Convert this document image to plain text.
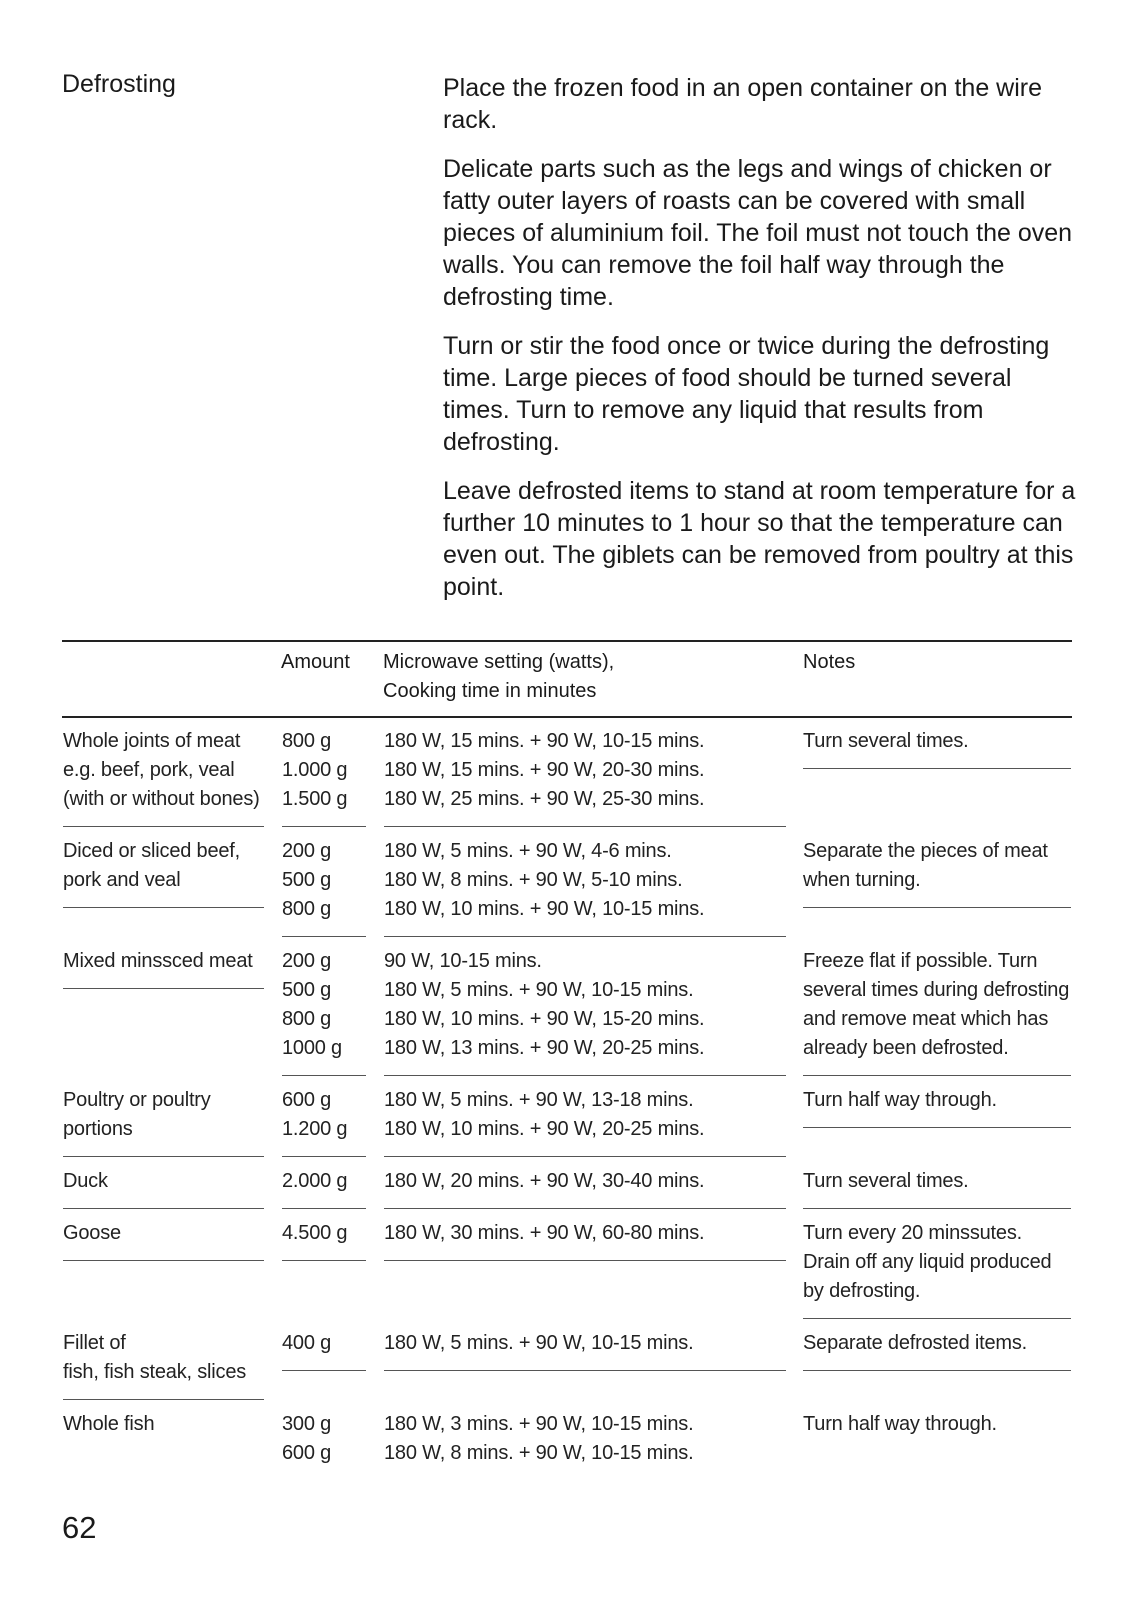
Defrosting	Place the frozen food in an open container on the wire rack.

Delicate parts such as the legs and wings of chicken or fatty outer layers of roasts can be covered with small pieces of aluminium foil. The foil must not touch the oven walls. You can remove the foil half way through the defrosting time.

Turn or stir the food once or twice during the defrosting time. Large pieces of food should be turned several times. Turn to remove any liquid that results from defrosting.

Leave defrosted items to stand at room temperature for a further 10 minutes to 1 hour so that the temperature can even out. The giblets can be removed from poultry at this point.

	Amount	Microwave setting (watts),
Cooking time in minutes	Notes

Whole joints of meat
e.g. beef, pork, veal
(with or without bones)	800 g
1.000 g
1.500 g	180 W, 15 mins. + 90 W, 10-15 mins.
180 W, 15 mins. + 90 W, 20-30 mins.
180 W, 25 mins. + 90 W, 25-30 mins.	Turn several times.

Diced or sliced beef,
pork and veal	200 g
500 g
800 g	180 W, 5 mins. + 90 W, 4-6 mins.
180 W, 8 mins. + 90 W, 5-10 mins.
180 W, 10 mins. + 90 W, 10-15 mins.	Separate the pieces of meat
when turning.

Mixed minssced meat	200 g
500 g
800 g
1000 g	90 W, 10-15 mins.
180 W, 5 mins. + 90 W, 10-15 mins.
180 W, 10 mins. + 90 W, 15-20 mins.
180 W, 13 mins. + 90 W, 20-25 mins.	Freeze flat if possible. Turn
several times during defrosting
and remove meat which has
already been defrosted.

Poultry or poultry
portions	600 g
1.200 g	180 W, 5 mins. + 90 W, 13-18 mins.
180 W, 10 mins. + 90 W, 20-25 mins.	Turn half way through.

Duck	2.000 g	180 W, 20 mins. + 90 W, 30-40 mins.	Turn several times.

Goose	4.500 g	180 W, 30 mins. + 90 W, 60-80 mins.	Turn every 20 minssutes.
Drain off any liquid produced
by defrosting.

Fillet of
fish, fish steak, slices	400 g	180 W, 5 mins. + 90 W, 10-15 mins.	Separate defrosted items.

Whole fish	300 g
600 g	180 W, 3 mins. + 90 W, 10-15 mins.
180 W, 8 mins. + 90 W, 10-15 mins.	Turn half way through.

62
